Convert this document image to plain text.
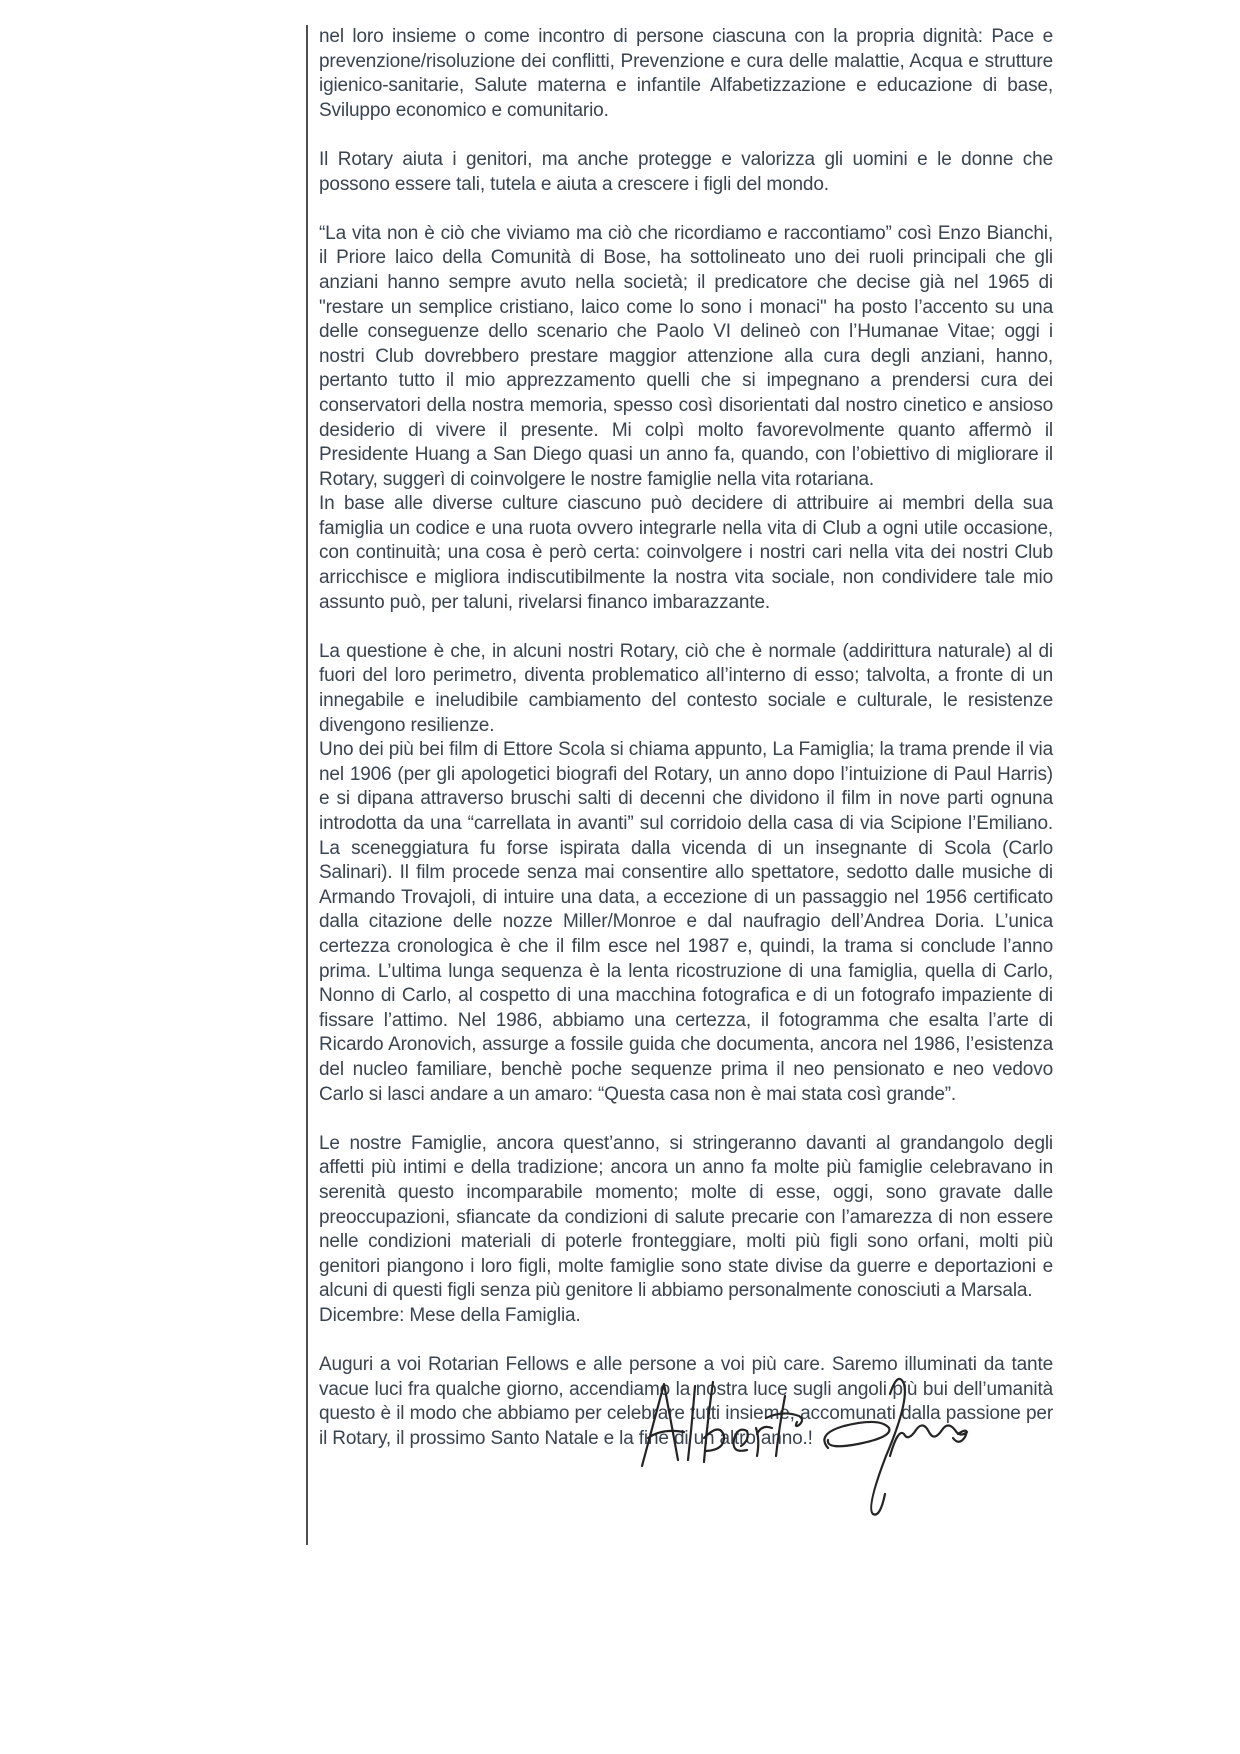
nel loro insieme o come incontro di persone ciascuna con la propria dignità: Pace e prevenzione/risoluzione dei conflitti, Prevenzione e cura delle malattie, Acqua e strutture igienico-sanitarie, Salute materna e infantile Alfabetizzazione e educazione di base, Sviluppo economico e comunitario.

Il Rotary aiuta i genitori, ma anche protegge e valorizza gli uomini e le donne che possono essere tali, tutela e aiuta a crescere i figli del mondo.

“La vita non è ciò che viviamo ma ciò che ricordiamo e raccontiamo” così Enzo Bianchi, il Priore laico della Comunità di Bose, ha sottolineato uno dei ruoli principali che gli anziani hanno sempre avuto nella società; il predicatore che decise già nel 1965 di "restare un semplice cristiano, laico come lo sono i monaci" ha posto l’accento su una delle conseguenze dello scenario che Paolo VI delineò con l’Humanae Vitae; oggi i nostri Club dovrebbero prestare maggior attenzione alla cura degli anziani, hanno, pertanto tutto il mio apprezzamento quelli che si impegnano a prendersi cura dei conservatori della nostra memoria, spesso così disorientati dal nostro cinetico e ansioso desiderio di vivere il presente. Mi colpì molto favorevolmente quanto affermò il Presidente Huang a San Diego quasi un anno fa, quando, con l’obiettivo di migliorare il Rotary, suggerì di coinvolgere le nostre famiglie nella vita rotariana.

In base alle diverse culture ciascuno può decidere di attribuire ai membri della sua famiglia un codice e una ruota ovvero integrarle nella vita di Club a ogni utile occasione, con continuità; una cosa è però certa: coinvolgere i nostri cari nella vita dei nostri Club arricchisce e migliora indiscutibilmente la nostra vita sociale, non condividere tale mio assunto può, per taluni, rivelarsi financo imbarazzante.

La questione è che, in alcuni nostri Rotary, ciò che è normale (addirittura naturale) al di fuori del loro perimetro, diventa problematico all’interno di esso; talvolta, a fronte di un innegabile e ineludibile cambiamento del contesto sociale e culturale, le resistenze divengono resilienze.

Uno dei più bei film di Ettore Scola si chiama appunto, La Famiglia; la trama prende il via nel 1906 (per gli apologetici biografi del Rotary, un anno dopo l’intuizione di Paul Harris) e si dipana attraverso bruschi salti di decenni che dividono il film in nove parti ognuna introdotta da una “carrellata in avanti” sul corridoio della casa di via Scipione l’Emiliano. La sceneggiatura fu forse ispirata dalla vicenda di un insegnante di Scola (Carlo Salinari). Il film procede senza mai consentire allo spettatore, sedotto dalle musiche di Armando Trovajoli, di intuire una data, a eccezione di un passaggio nel 1956 certificato dalla citazione delle nozze Miller/Monroe e dal naufragio dell’Andrea Doria. L’unica certezza cronologica è che il film esce nel 1987 e, quindi, la trama si conclude l’anno prima. L’ultima lunga sequenza è la lenta ricostruzione di una famiglia, quella di Carlo, Nonno di Carlo, al cospetto di una macchina fotografica e di un fotografo impaziente di fissare l’attimo. Nel 1986, abbiamo una certezza, il fotogramma che esalta l’arte di Ricardo Aronovich, assurge a fossile guida che documenta, ancora nel 1986, l’esistenza del nucleo familiare, benchè poche sequenze prima il neo pensionato e neo vedovo Carlo si lasci andare a un amaro: “Questa casa non è mai stata così grande”.

Le nostre Famiglie, ancora quest’anno, si stringeranno davanti al grandangolo degli affetti più intimi e della tradizione; ancora un anno fa molte più famiglie celebravano in serenità questo incomparabile momento; molte di esse, oggi, sono gravate dalle preoccupazioni, sfiancate da condizioni di salute precarie con l’amarezza di non essere nelle condizioni materiali di poterle fronteggiare, molti più figli sono orfani, molti più genitori piangono i loro figli, molte famiglie sono state divise da guerre e deportazioni e alcuni di questi figli senza più genitore li abbiamo personalmente conosciuti a Marsala.

Dicembre: Mese della Famiglia.

Auguri a voi Rotarian Fellows e alle persone a voi più care. Saremo illuminati da tante vacue luci fra qualche giorno, accendiamo la nostra luce sugli angoli più bui dell’umanità questo è il modo che abbiamo per celebrare tutti insieme, accomunati dalla passione per il Rotary, il prossimo Santo Natale e la fine di un altro anno.!
